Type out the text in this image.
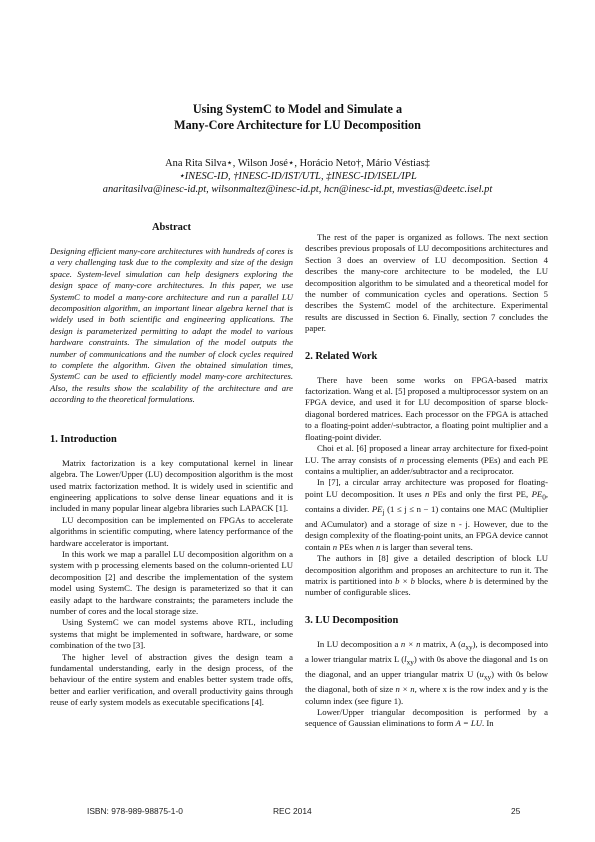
Using SystemC to Model and Simulate a
Many-Core Architecture for LU Decomposition
Ana Rita Silva⋆, Wilson José⋆, Horácio Neto†, Mário Véstias‡
⋆INESC-ID, †INESC-ID/IST/UTL, ‡INESC-ID/ISEL/IPL
anaritasilva@inesc-id.pt, wilsonmaltez@inesc-id.pt, hcn@inesc-id.pt, mvestias@deetc.isel.pt
Abstract

Designing efficient many-core architectures with hundreds of cores is a very challenging task due to the complexity and size of the design space. System-level simulation can help designers exploring the design space of many-core architectures. In this paper, we use SystemC to model a many-core architecture and run a parallel LU decomposition algorithm, an important linear algebra kernel that is widely used in both scientific and engineering applications. The design is parameterized permitting to adapt the model to various hardware constraints. The simulation of the model outputs the number of communications and the number of clock cycles required to complete the algorithm. Given the obtained simulation times, SystemC can be used to efficiently model many-core architectures. Also, the results show the scalability of the architecture and are according to the theoretical formulations.

1. Introduction

Matrix factorization is a key computational kernel in linear algebra. The Lower/Upper (LU) decomposition algorithm is the most used matrix factorization method. It is widely used in scientific and engineering applications to solve dense linear equations and it is included in many popular linear algebra libraries such LAPACK [1].

LU decomposition can be implemented on FPGAs to accelerate algorithms in scientific computing, where latency performance of the hardware accelerator is important.

In this work we map a parallel LU decomposition algorithm on a system with p processing elements based on the column-oriented LU decomposition [2] and describe the implementation of the system model using SystemC. The design is parameterized so that it can easily adapt to the hardware constraints; the parameters include the number of cores and the local storage size.

Using SystemC we can model systems above RTL, including systems that might be implemented in software, hardware, or some combination of the two [3].

The higher level of abstraction gives the design team a fundamental understanding, early in the design process, of the behaviour of the entire system and enables better system trade offs, better and earlier verification, and overall productivity gains through reuse of early system models as executable specifications [4].

The rest of the paper is organized as follows. The next section describes previous proposals of LU decompositions architectures and Section 3 does an overview of LU decomposition. Section 4 describes the many-core architecture to be modeled, the LU decomposition algorithm to be simulated and a theoretical model for the number of communication cycles and operations. Section 5 describes the SystemC model of the architecture. Experimental results are discussed in Section 6. Finally, section 7 concludes the paper.

2. Related Work

There have been some works on FPGA-based matrix factorization. Wang et al. [5] proposed a multiprocessor system on an FPGA device, and used it for LU decomposition of sparse block-diagonal bordered matrices. Each processor on the FPGA is attached to a floating-point adder/-subtractor, a floating point multiplier and a floating-point divider.

Choi et al. [6] proposed a linear array architecture for fixed-point LU. The array consists of n processing elements (PEs) and each PE contains a multiplier, an adder/subtractor and a reciprocator.

In [7], a circular array architecture was proposed for floating-point LU decomposition. It uses n PEs and only the first PE, $PE_0$, contains a divider. $PE_j$ (1 ≤ j ≤ n − 1) contains one MAC (Multiplier and ACumulator) and a storage of size n - j. However, due to the design complexity of the floating-point units, an FPGA device cannot contain n PEs when n is larger than several tens.

The authors in [8] give a detailed description of block LU decomposition algorithm and proposes an architecture to run it. The matrix is partitioned into b × b blocks, where b is determined by the number of configurable slices.

3. LU Decomposition

In LU decomposition a n × n matrix, A $(a_{xy})$, is decomposed into a lower triangular matrix L $(l_{xy})$ with 0s above the diagonal and 1s on the diagonal, and an upper triangular matrix U $(u_{xy})$ with 0s below the diagonal, both of size n × n, where x is the row index and y is the column index (see figure 1).

Lower/Upper triangular decomposition is performed by a sequence of Gaussian eliminations to form A = LU. In

ISBN: 978-989-98875-1-0	REC 2014	25
